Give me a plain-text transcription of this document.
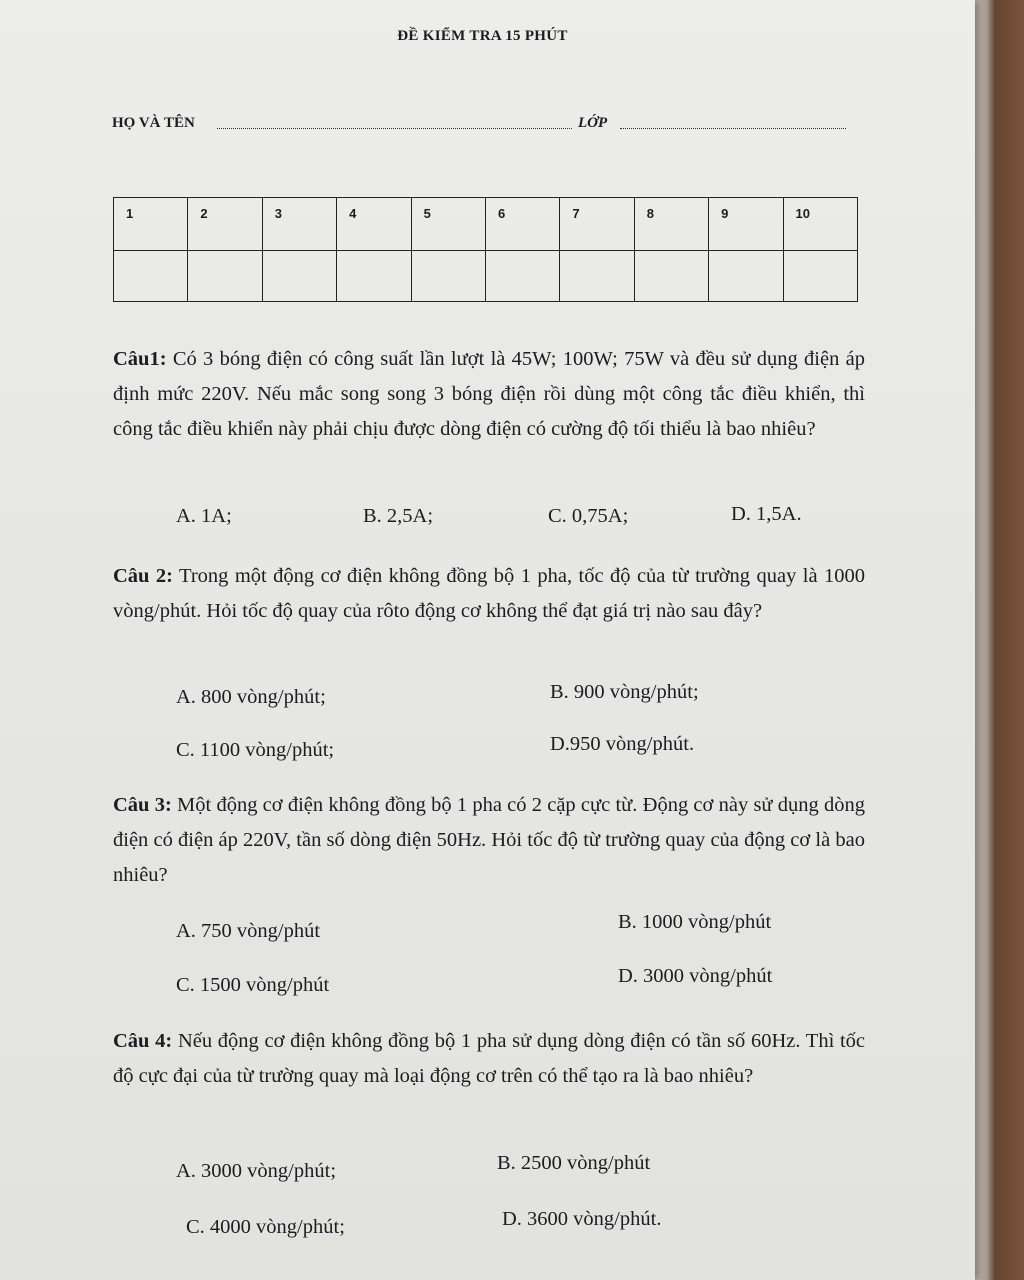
ĐỀ KIỂM TRA 15 PHÚT
HỌ VÀ TÊN	LỚP
1	2	3	4	5	6	7	8	9	10

Câu1: Có 3 bóng điện có công suất lần lượt là 45W; 100W; 75W và đều sử dụng điện áp định mức 220V. Nếu mắc song song 3 bóng điện rồi dùng một công tắc điều khiển, thì công tắc điều khiển này phải chịu được dòng điện có cường độ tối thiểu là bao nhiêu?
A. 1A;	B. 2,5A;	C. 0,75A;	D. 1,5A.
Câu 2: Trong một động cơ điện không đồng bộ 1 pha, tốc độ của từ trường quay là 1000 vòng/phút. Hỏi tốc độ quay của rôto động cơ không thể đạt giá trị nào sau đây?
A. 800 vòng/phút;	B. 900 vòng/phút;
C. 1100 vòng/phút;	D.950 vòng/phút.
Câu 3: Một động cơ điện không đồng bộ 1 pha có 2 cặp cực từ. Động cơ này sử dụng dòng điện có điện áp 220V, tần số dòng điện 50Hz. Hỏi tốc độ từ trường quay của động cơ là bao nhiêu?
A. 750 vòng/phút	B. 1000 vòng/phút
C. 1500 vòng/phút	D. 3000 vòng/phút
Câu 4: Nếu động cơ điện không đồng bộ 1 pha sử dụng dòng điện có tần số 60Hz. Thì tốc độ cực đại của từ trường quay mà loại động cơ trên có thể tạo ra là bao nhiêu?
A. 3000 vòng/phút;	B. 2500 vòng/phút
C. 4000 vòng/phút;	D. 3600 vòng/phút.
